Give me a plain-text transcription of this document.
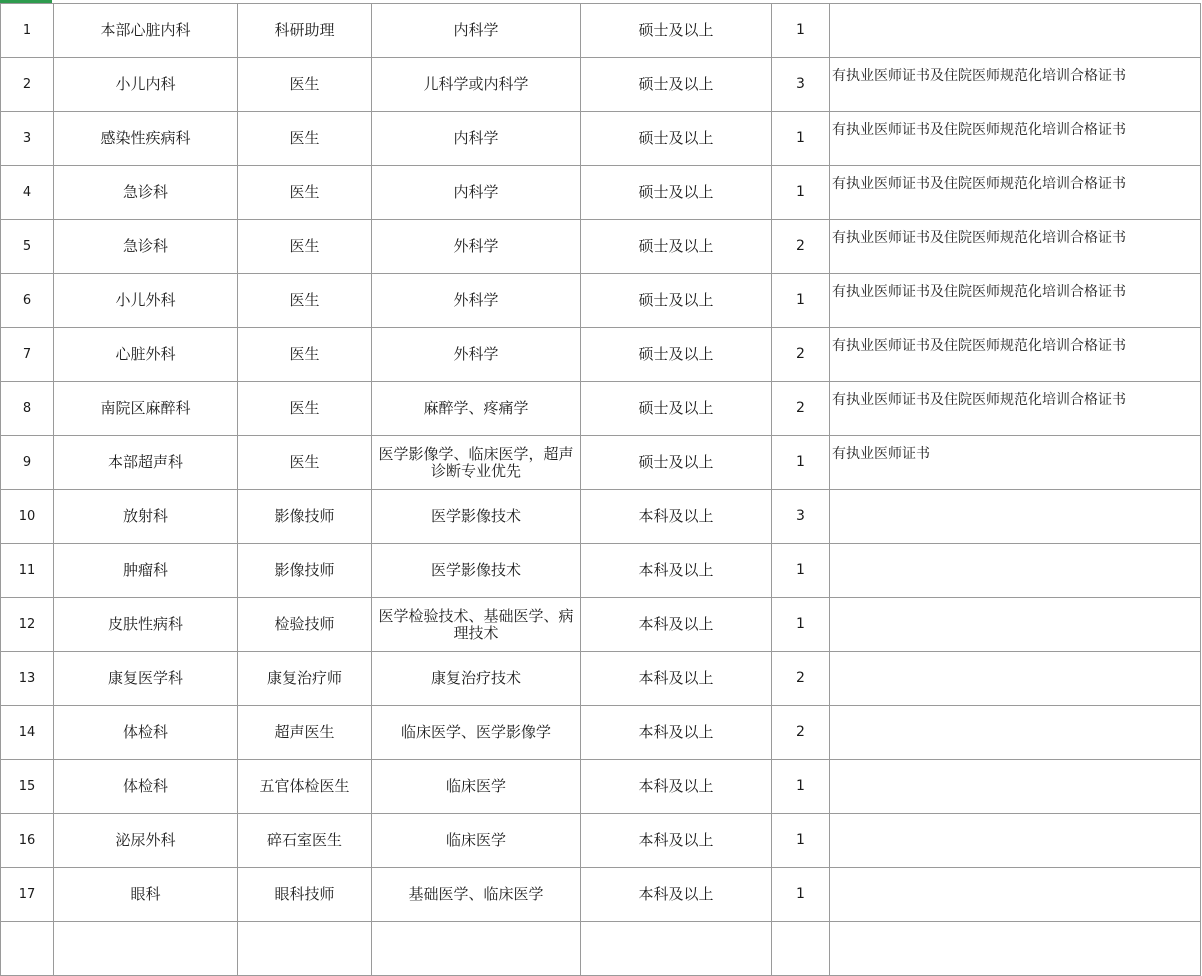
1	本部心脏内科	科研助理	内科学	硕士及以上	1	
2	小儿内科	医生	儿科学或内科学	硕士及以上	3	有执业医师证书及住院医师规范化培训合格证书
3	感染性疾病科	医生	内科学	硕士及以上	1	有执业医师证书及住院医师规范化培训合格证书
4	急诊科	医生	内科学	硕士及以上	1	有执业医师证书及住院医师规范化培训合格证书
5	急诊科	医生	外科学	硕士及以上	2	有执业医师证书及住院医师规范化培训合格证书
6	小儿外科	医生	外科学	硕士及以上	1	有执业医师证书及住院医师规范化培训合格证书
7	心脏外科	医生	外科学	硕士及以上	2	有执业医师证书及住院医师规范化培训合格证书
8	南院区麻醉科	医生	麻醉学、疼痛学	硕士及以上	2	有执业医师证书及住院医师规范化培训合格证书
9	本部超声科	医生	医学影像学、临床医学，超声诊断专业优先	硕士及以上	1	有执业医师证书
10	放射科	影像技师	医学影像技术	本科及以上	3	
11	肿瘤科	影像技师	医学影像技术	本科及以上	1	
12	皮肤性病科	检验技师	医学检验技术、基础医学、病理技术	本科及以上	1	
13	康复医学科	康复治疗师	康复治疗技术	本科及以上	2	
14	体检科	超声医生	临床医学、医学影像学	本科及以上	2	
15	体检科	五官体检医生	临床医学	本科及以上	1	
16	泌尿外科	碎石室医生	临床医学	本科及以上	1	
17	眼科	眼科技师	基础医学、临床医学	本科及以上	1	
